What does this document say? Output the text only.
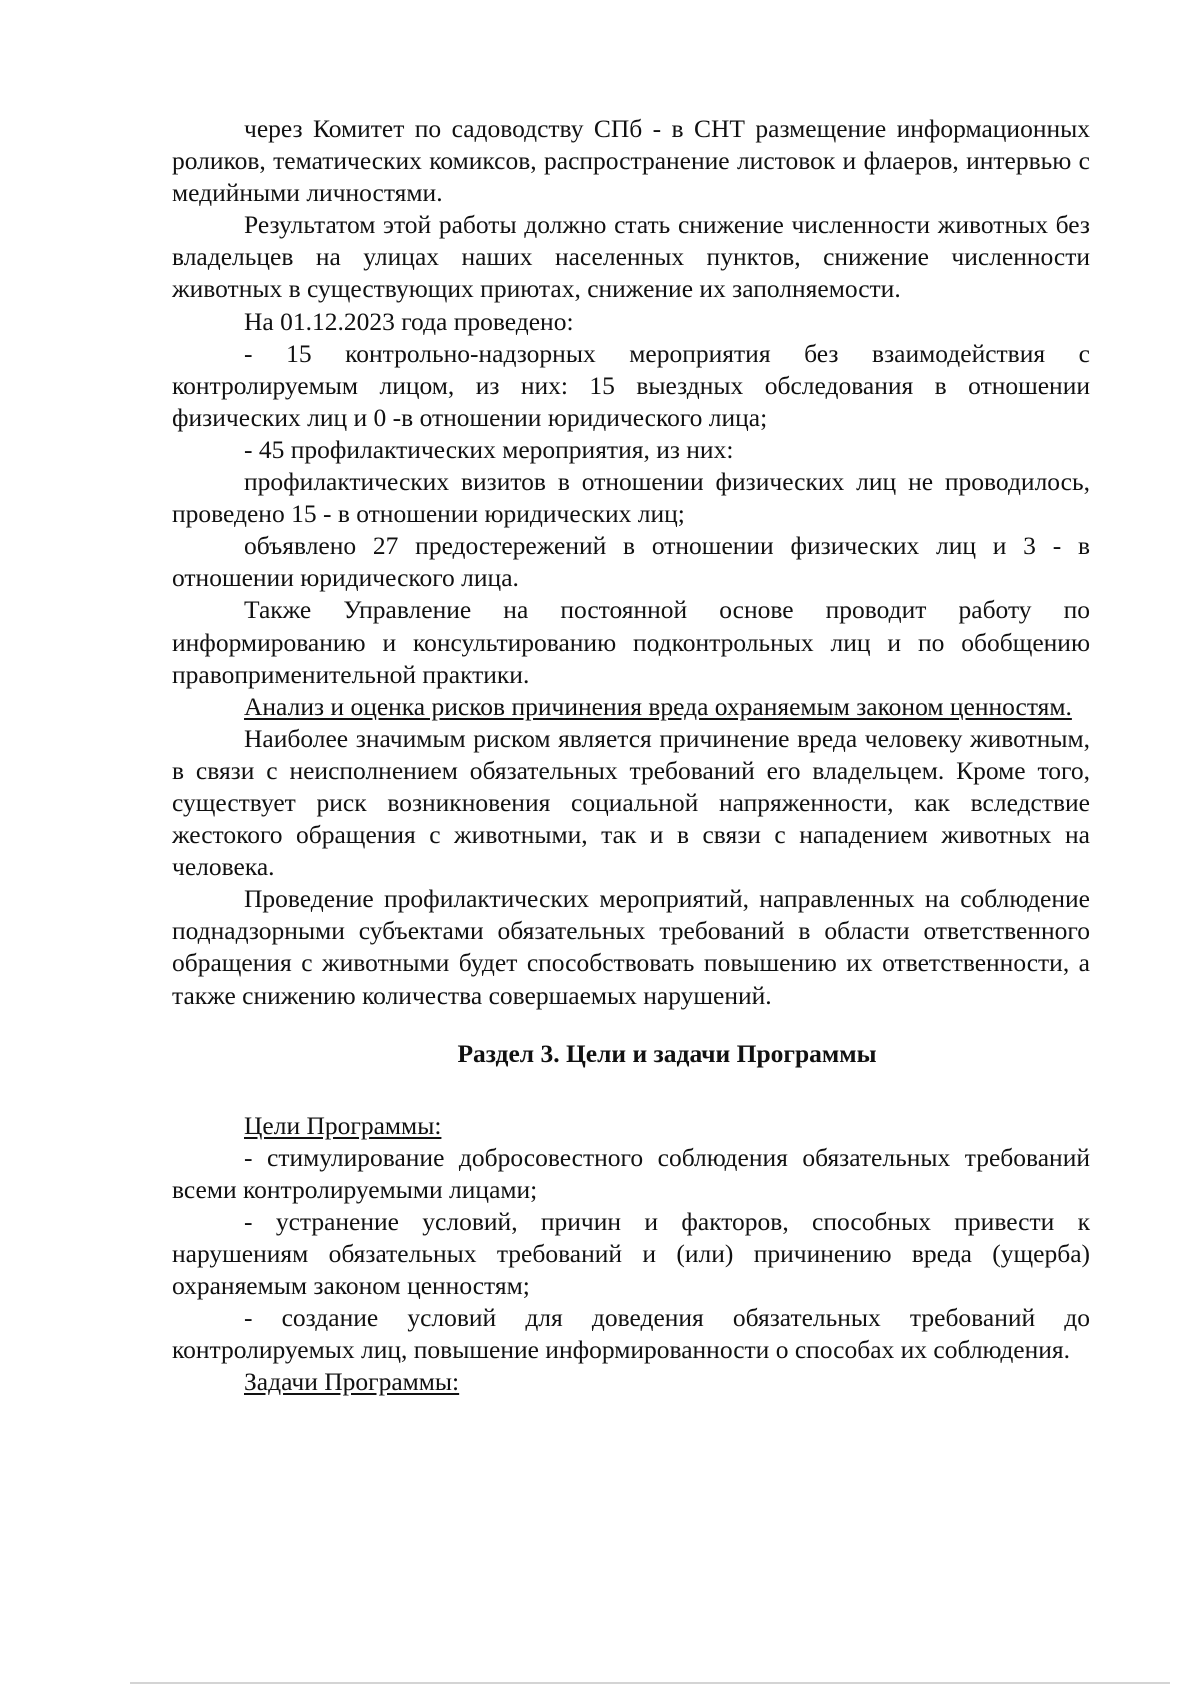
через Комитет по садоводству СПб - в СНТ размещение информационных роликов, тематических комиксов, распространение листовок и флаеров, интервью с медийными личностями.

Результатом этой работы должно стать снижение численности животных без владельцев на улицах наших населенных пунктов, снижение численности животных в существующих приютах, снижение их заполняемости.

На 01.12.2023 года проведено:

- 15 контрольно-надзорных мероприятия без взаимодействия с контролируемым лицом, из них: 15 выездных обследования в отношении физических лиц и 0 -в отношении юридического лица;

- 45 профилактических мероприятия, из них:

профилактических визитов в отношении физических лиц не проводилось, проведено 15 - в отношении юридических лиц;

объявлено 27 предостережений в отношении физических лиц и 3 - в отношении юридического лица.

Также Управление на постоянной основе проводит работу по информированию и консультированию подконтрольных лиц и по обобщению правоприменительной практики.

Анализ и оценка рисков причинения вреда охраняемым законом ценностям.

Наиболее значимым риском является причинение вреда человеку животным, в связи с неисполнением обязательных требований его владельцем. Кроме того, существует риск возникновения социальной напряженности, как вследствие жестокого обращения с животными, так и в связи с нападением животных на человека.

Проведение профилактических мероприятий, направленных на соблюдение поднадзорными субъектами обязательных требований в области ответственного обращения с животными будет способствовать повышению их ответственности, а также снижению количества совершаемых нарушений.

Раздел 3. Цели и задачи Программы

Цели Программы:

- стимулирование добросовестного соблюдения обязательных требований всеми контролируемыми лицами;

- устранение условий, причин и факторов, способных привести к нарушениям обязательных требований и (или) причинению вреда (ущерба) охраняемым законом ценностям;

- создание условий для доведения обязательных требований до контролируемых лиц, повышение информированности о способах их соблюдения.

Задачи Программы:
